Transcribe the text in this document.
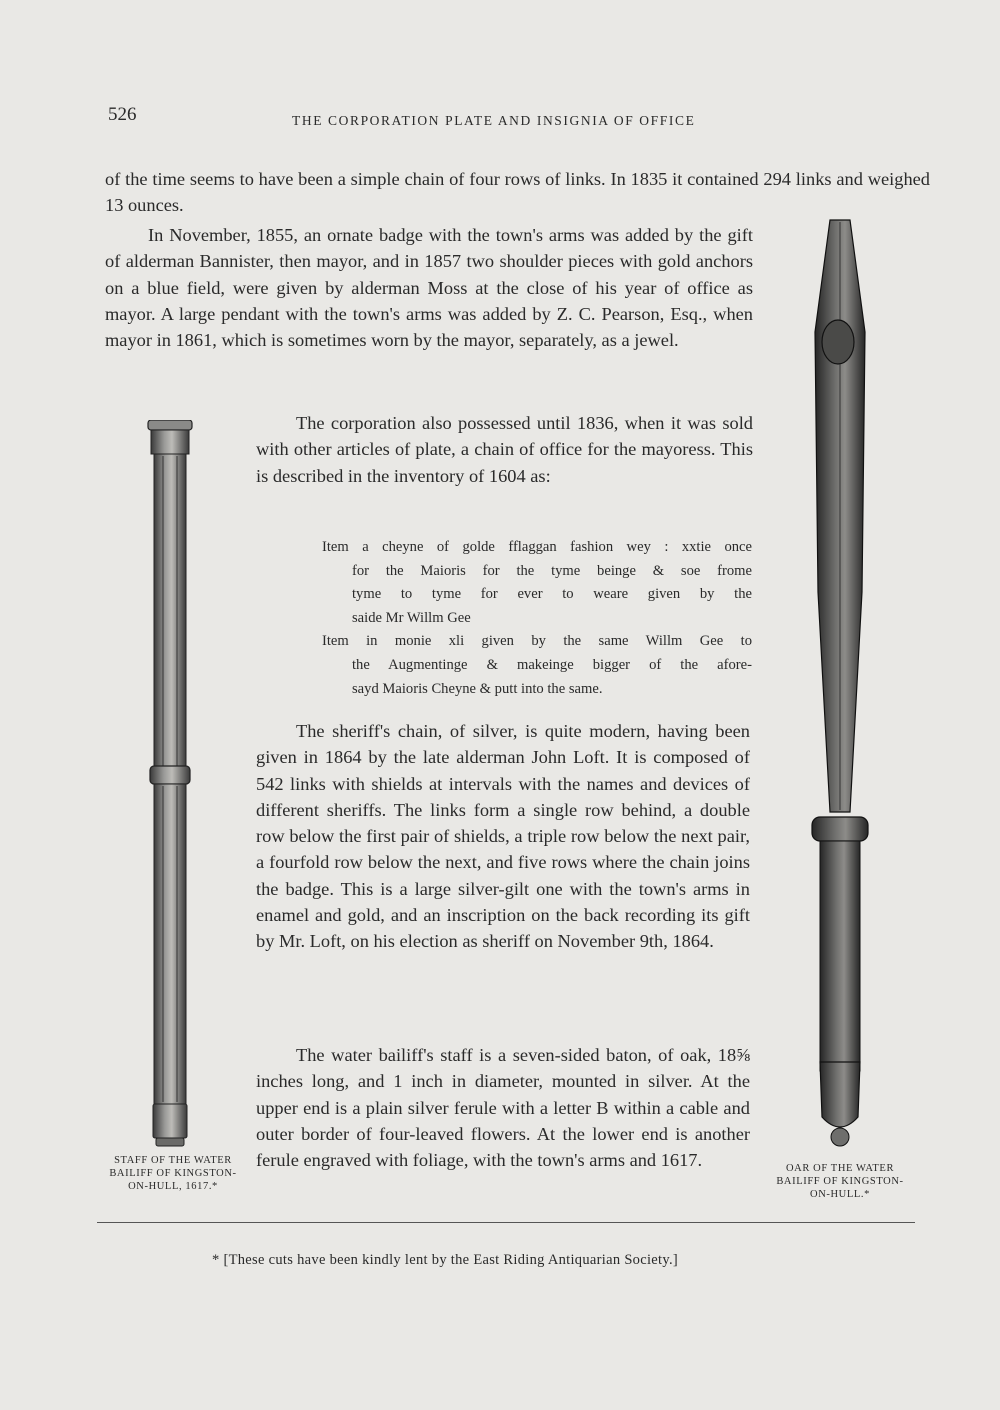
526	THE CORPORATION PLATE AND INSIGNIA OF OFFICE

of the time seems to have been a simple chain of four rows of links. In 1835 it contained 294 links and weighed 13 ounces.

In November, 1855, an ornate badge with the town's arms was added by the gift of alderman Bannister, then mayor, and in 1857 two shoulder pieces with gold anchors on a blue field, were given by alderman Moss at the close of his year of office as mayor. A large pendant with the town's arms was added by Z. C. Pearson, Esq., when mayor in 1861, which is sometimes worn by the mayor, separately, as a jewel.

The corporation also possessed until 1836, when it was sold with other articles of plate, a chain of office for the mayoress. This is described in the inventory of 1604 as:

Item a cheyne of golde fflaggan fashion wey : xxtie once
for the Maioris for the tyme beinge & soe frome
tyme to tyme for ever to weare given by the
saide Mr Willm Gee
Item in monie xli given by the same Willm Gee to
the Augmentinge & makeinge bigger of the afore-
sayd Maioris Cheyne & putt into the same.

The sheriff's chain, of silver, is quite modern, having been given in 1864 by the late alderman John Loft. It is composed of 542 links with shields at intervals with the names and devices of different sheriffs. The links form a single row behind, a double row below the first pair of shields, a triple row below the next pair, a fourfold row below the next, and five rows where the chain joins the badge. This is a large silver-gilt one with the town's arms in enamel and gold, and an inscription on the back recording its gift by Mr. Loft, on his election as sheriff on November 9th, 1864.

The water bailiff's staff is a seven-sided baton, of oak, 18⅝ inches long, and 1 inch in diameter, mounted in silver. At the upper end is a plain silver ferule with a letter B within a cable and outer border of four-leaved flowers. At the lower end is another ferule engraved with foliage, with the town's arms and 1617.

STAFF OF THE WATER
BAILIFF OF KINGSTON-
ON-HULL, 1617.*
OAR OF THE WATER
BAILIFF OF KINGSTON-
ON-HULL.*
* [These cuts have been kindly lent by the East Riding Antiquarian Society.]
